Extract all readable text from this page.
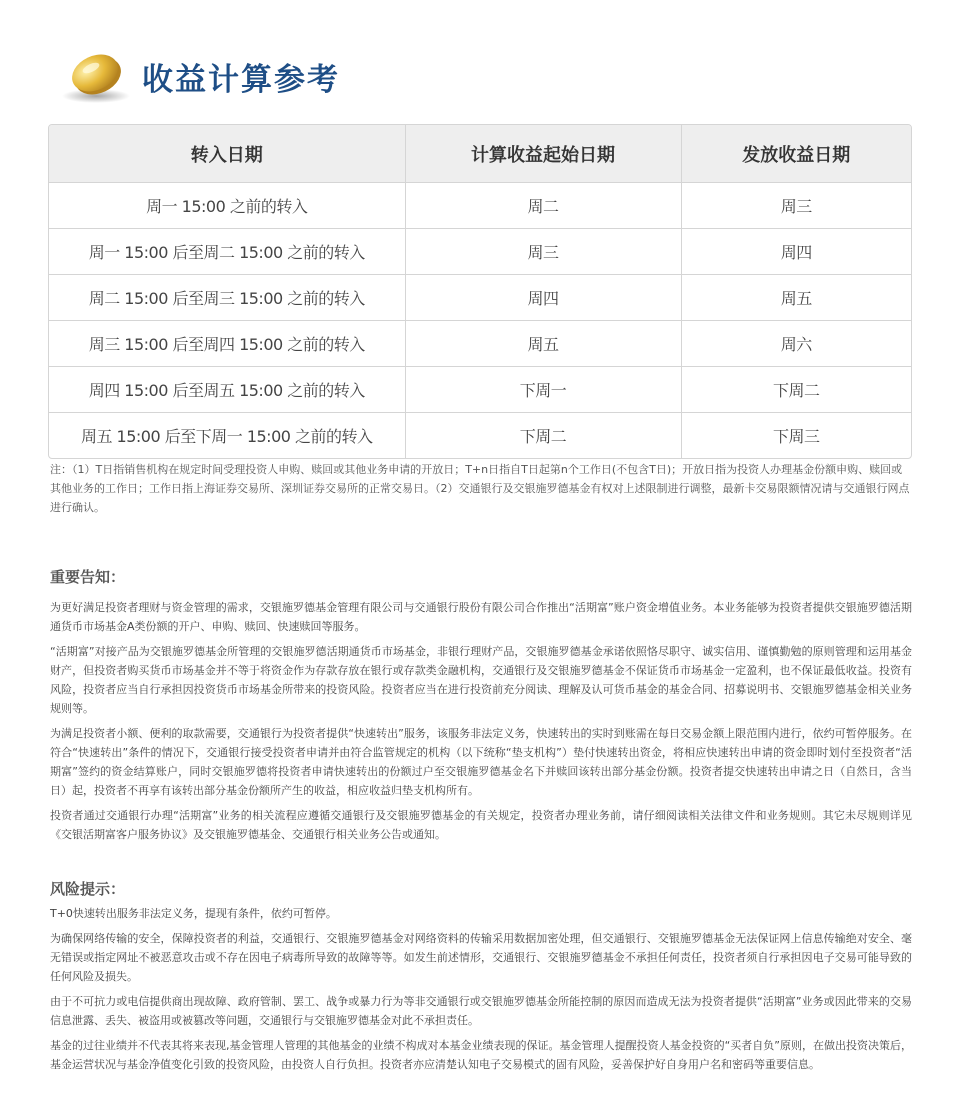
收益计算参考
转入日期	计算收益起始日期	发放收益日期
周一 15:00 之前的转入	周二	周三
周一 15:00 后至周二 15:00 之前的转入	周三	周四
周二 15:00 后至周三 15:00 之前的转入	周四	周五
周三 15:00 后至周四 15:00 之前的转入	周五	周六
周四 15:00 后至周五 15:00 之前的转入	下周一	下周二
周五 15:00 后至下周一 15:00 之前的转入	下周二	下周三
注：（1）T日指销售机构在规定时间受理投资人申购、赎回或其他业务申请的开放日；T+n日指自T日起第n个工作日(不包含T日)；开放日指为投资人办理基金份额申购、赎回或其他业务的工作日；工作日指上海证券交易所、深圳证券交易所的正常交易日。（2）交通银行及交银施罗德基金有权对上述限制进行调整，最新卡交易限额情况请与交通银行网点进行确认。
重要告知：

为更好满足投资者理财与资金管理的需求，交银施罗德基金管理有限公司与交通银行股份有限公司合作推出“活期富”账户资金增值业务。本业务能够为投资者提供交银施罗德活期通货币市场基金A类份额的开户、申购、赎回、快速赎回等服务。

“活期富”对接产品为交银施罗德基金所管理的交银施罗德活期通货币市场基金，非银行理财产品，交银施罗德基金承诺依照恪尽职守、诚实信用、谨慎勤勉的原则管理和运用基金财产，但投资者购买货币市场基金并不等于将资金作为存款存放在银行或存款类金融机构，交通银行及交银施罗德基金不保证货币市场基金一定盈利，也不保证最低收益。投资有风险，投资者应当自行承担因投资货币市场基金所带来的投资风险。投资者应当在进行投资前充分阅读、理解及认可货币基金的基金合同、招募说明书、交银施罗德基金相关业务规则等。

为满足投资者小额、便利的取款需要，交通银行为投资者提供“快速转出”服务，该服务非法定义务，快速转出的实时到账需在每日交易金额上限范围内进行，依约可暂停服务。在符合“快速转出”条件的情况下，交通银行接受投资者申请并由符合监管规定的机构（以下统称“垫支机构”）垫付快速转出资金，将相应快速转出申请的资金即时划付至投资者“活期富”签约的资金结算账户，同时交银施罗德将投资者申请快速转出的份额过户至交银施罗德基金名下并赎回该转出部分基金份额。投资者提交快速转出申请之日（自然日，含当日）起，投资者不再享有该转出部分基金份额所产生的收益，相应收益归垫支机构所有。

投资者通过交通银行办理“活期富”业务的相关流程应遵循交通银行及交银施罗德基金的有关规定，投资者办理业务前，请仔细阅读相关法律文件和业务规则。其它未尽规则详见《交银活期富客户服务协议》及交银施罗德基金、交通银行相关业务公告或通知。

风险提示：

T+0快速转出服务非法定义务，提现有条件，依约可暂停。

为确保网络传输的安全，保障投资者的利益，交通银行、交银施罗德基金对网络资料的传输采用数据加密处理，但交通银行、交银施罗德基金无法保证网上信息传输绝对安全、毫无错误或指定网址不被恶意攻击或不存在因电子病毒所导致的故障等等。如发生前述情形，交通银行、交银施罗德基金不承担任何责任，投资者须自行承担因电子交易可能导致的任何风险及损失。

由于不可抗力或电信提供商出现故障、政府管制、罢工、战争或暴力行为等非交通银行或交银施罗德基金所能控制的原因而造成无法为投资者提供“活期富”业务或因此带来的交易信息泄露、丢失、被盗用或被篡改等问题，交通银行与交银施罗德基金对此不承担责任。

基金的过往业绩并不代表其将来表现,基金管理人管理的其他基金的业绩不构成对本基金业绩表现的保证。基金管理人提醒投资人基金投资的“买者自负”原则，在做出投资决策后，基金运营状况与基金净值变化引致的投资风险，由投资人自行负担。投资者亦应清楚认知电子交易模式的固有风险，妥善保护好自身用户名和密码等重要信息。
